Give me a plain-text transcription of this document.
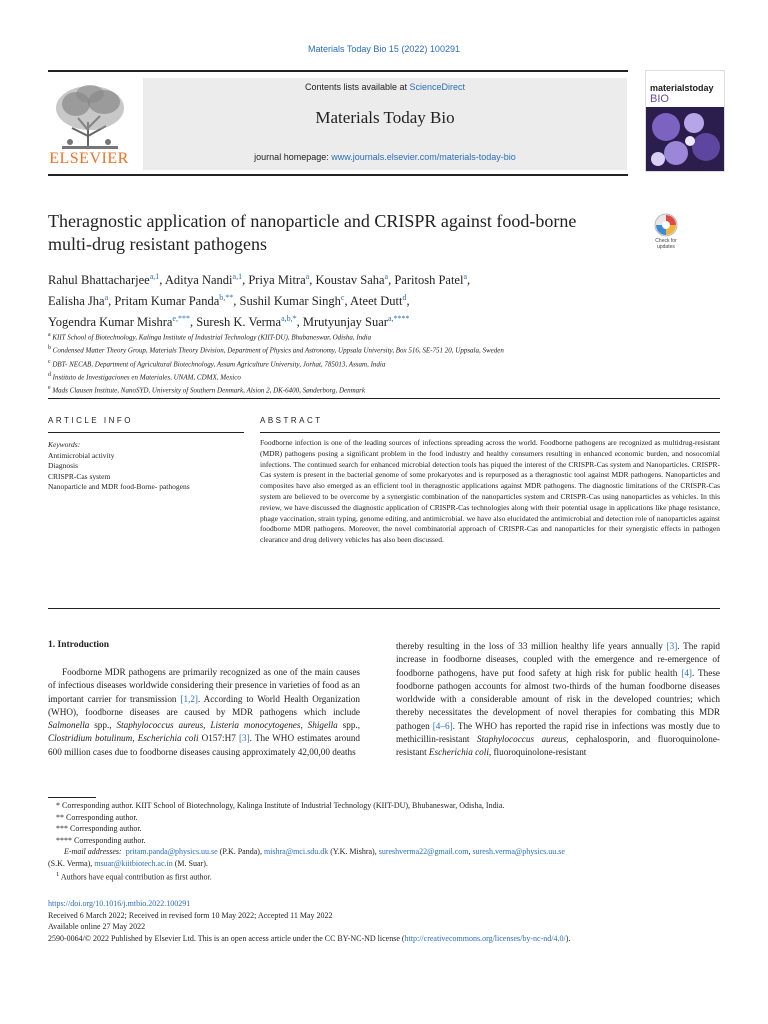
Materials Today Bio 15 (2022) 100291
ELSEVIER
Contents lists available at ScienceDirect
Materials Today Bio
journal homepage: www.journals.elsevier.com/materials-today-bio
materialstoday
BIO
Theragnostic application of nanoparticle and CRISPR against food-borne
multi-drug resistant pathogens	Check for updates
Rahul Bhattacharjee$^{a,1}$, Aditya Nandi$^{a,1}$, Priya Mitra$^a$, Koustav Saha$^a$, Paritosh Patel$^a$,
Ealisha Jha$^a$, Pritam Kumar Panda$^{b,**}$, Sushil Kumar Singh$^c$, Ateet Dutt$^d$,
Yogendra Kumar Mishra$^{e,***}$, Suresh K. Verma$^{a,b,*}$, Mrutyunjay Suar$^{a,****}$
$^a$ KIIT School of Biotechnology, Kalinga Institute of Industrial Technology (KIIT-DU), Bhubaneswar, Odisha, India
$^b$ Condensed Matter Theory Group, Materials Theory Division, Department of Physics and Astronomy, Uppsala University, Box 516, SE-751 20, Uppsala, Sweden
$^c$ DBT- NECAB, Department of Agricultural Biotechnology, Assam Agriculture University, Jorhat, 785013, Assam, India
$^d$ Instituto de Investigaciones en Materiales, UNAM, CDMX, Mexico
$^e$ Mads Clausen Institute, NanoSYD, University of Southern Denmark, Alsion 2, DK-6400, Sønderborg, Denmark
ARTICLE INFO	ABSTRACT
Keywords:
Antimicrobial activity
Diagnosis
CRISPR-Cas system
Nanoparticle and MDR food-Borne- pathogens
Foodborne infection is one of the leading sources of infections spreading across the world. Foodborne pathogens are recognized as multidrug-resistant (MDR) pathogens posing a significant problem in the food industry and healthy consumers resulting in enhanced economic burden, and nosocomial infections. The continued search for enhanced microbial detection tools has piqued the interest of the CRISPR-Cas system and Nanoparticles. CRISPR-Cas system is present in the bacterial genome of some prokaryotes and is repurposed as a theragnostic tool against MDR pathogens. Nanoparticles and composites have also emerged as an efficient tool in theragnostic applications against MDR pathogens. The diagnostic limitations of the CRISPR-Cas system are believed to be overcome by a synergistic combination of the nanoparticles system and CRISPR-Cas using nanoparticles as vehicles. In this review, we have discussed the diagnostic application of CRISPR-Cas technologies along with their potential usage in applications like phage resistance, phage vaccination, strain typing, genome editing, and antimicrobial. we have also elucidated the antimicrobial and detection role of nanoparticles against foodborne MDR pathogens. Moreover, the novel combinatorial approach of CRISPR-Cas and nanoparticles for their synergistic effects in pathogen clearance and drug delivery vehicles has also been discussed.
1. Introduction
Foodborne MDR pathogens are primarily recognized as one of the main causes of infectious diseases worldwide considering their presence in varieties of food as an important carrier for transmission [1,2]. According to World Health Organization (WHO), foodborne diseases are caused by MDR pathogens which include Salmonella spp., Staphylococcus aureus, Listeria monocytogenes, Shigella spp., Clostridium botulinum, Escherichia coli O157:H7 [3]. The WHO estimates around 600 million cases due to foodborne diseases causing approximately 42,00,00 deaths
thereby resulting in the loss of 33 million healthy life years annually [3]. The rapid increase in foodborne diseases, coupled with the emergence and re-emergence of foodborne pathogens, have put food safety at high risk for public health [4]. These foodborne pathogen accounts for almost two-thirds of the human foodborne diseases worldwide with a considerable amount of risk in the developed countries; which thereby necessitates the development of novel therapies for combating this MDR pathogen [4–6]. The WHO has reported the rapid rise in infections was mostly due to methicillin-resistant Staphylococcus aureus, cephalosporin, and fluoroquinolone-resistant Escherichia coli, fluoroquinolone-resistant
* Corresponding author. KIIT School of Biotechnology, Kalinga Institute of Industrial Technology (KIIT-DU), Bhubaneswar, Odisha, India.
** Corresponding author.
*** Corresponding author.
**** Corresponding author.
E-mail addresses: pritam.panda@physics.uu.se (P.K. Panda), mishra@mci.sdu.dk (Y.K. Mishra), sureshverma22@gmail.com, suresh.verma@physics.uu.se
(S.K. Verma), msuar@kiitbiotech.ac.in (M. Suar).
$^1$ Authors have equal contribution as first author.
https://doi.org/10.1016/j.mtbio.2022.100291
Received 6 March 2022; Received in revised form 10 May 2022; Accepted 11 May 2022
Available online 27 May 2022
2590-0064/© 2022 Published by Elsevier Ltd. This is an open access article under the CC BY-NC-ND license (http://creativecommons.org/licenses/by-nc-nd/4.0/).
